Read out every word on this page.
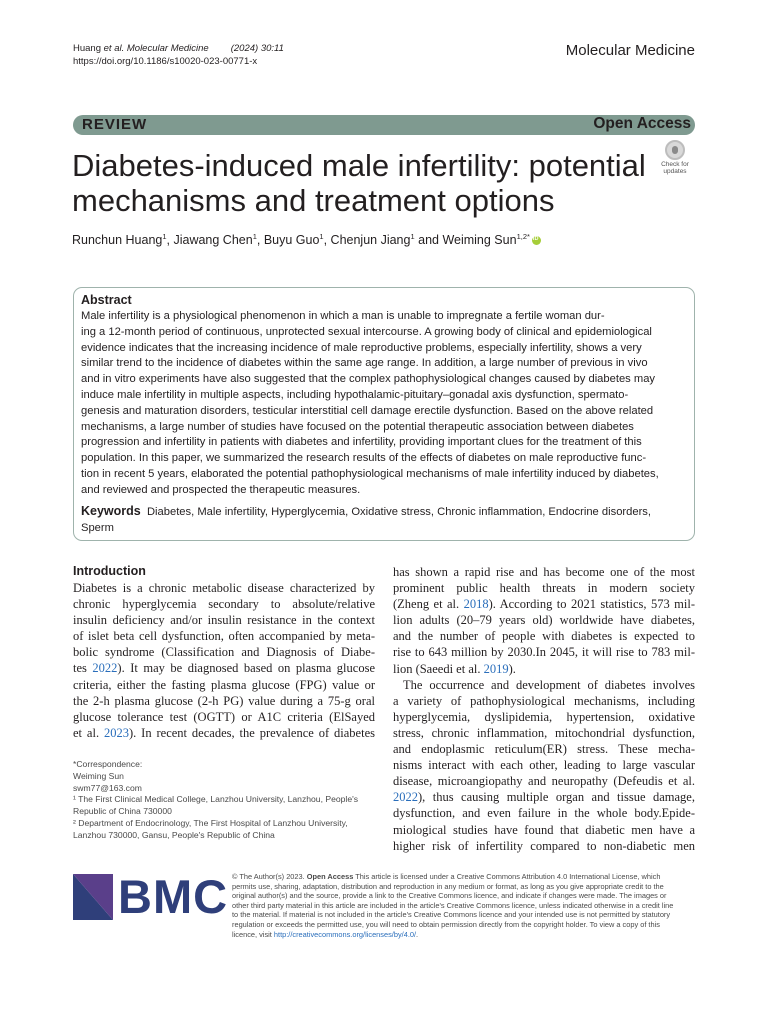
Huang et al. Molecular Medicine (2024) 30:11
https://doi.org/10.1186/s10020-023-00771-x
Molecular Medicine
REVIEW	Open Access
Diabetes-induced male infertility: potential
mechanisms and treatment options
Check for
updates
Runchun Huang$^1$, Jiawang Chen$^1$, Buyu Guo$^1$, Chenjun Jiang$^1$ and Weiming Sun$^{1,2*}$iD
Abstract
Male infertility is a physiological phenomenon in which a man is unable to impregnate a fertile woman dur-
ing a 12-month period of continuous, unprotected sexual intercourse. A growing body of clinical and epidemiological
evidence indicates that the increasing incidence of male reproductive problems, especially infertility, shows a very
similar trend to the incidence of diabetes within the same age range. In addition, a large number of previous in vivo
and in vitro experiments have also suggested that the complex pathophysiological changes caused by diabetes may
induce male infertility in multiple aspects, including hypothalamic-pituitary–gonadal axis dysfunction, spermato-
genesis and maturation disorders, testicular interstitial cell damage erectile dysfunction. Based on the above related
mechanisms, a large number of studies have focused on the potential therapeutic association between diabetes
progression and infertility in patients with diabetes and infertility, providing important clues for the treatment of this
population. In this paper, we summarized the research results of the effects of diabetes on male reproductive func-
tion in recent 5 years, elaborated the potential pathophysiological mechanisms of male infertility induced by diabetes,
and reviewed and prospected the therapeutic measures.
Keywords Diabetes, Male infertility, Hyperglycemia, Oxidative stress, Chronic inflammation, Endocrine disorders,
Sperm
Introduction
Diabetes is a chronic metabolic disease characterized by
chronic hyperglycemia secondary to absolute/relative
insulin deficiency and/or insulin resistance in the context
of islet beta cell dysfunction, often accompanied by meta-
bolic syndrome (Classification and Diagnosis of Diabe-
tes 2022). It may be diagnosed based on plasma glucose
criteria, either the fasting plasma glucose (FPG) value or
the 2-h plasma glucose (2-h PG) value during a 75-g oral
glucose tolerance test (OGTT) or A1C criteria (ElSayed
et al. 2023). In recent decades, the prevalence of diabetes
has shown a rapid rise and has become one of the most
prominent public health threats in modern society
(Zheng et al. 2018). According to 2021 statistics, 573 mil-
lion adults (20–79 years old) worldwide have diabetes,
and the number of people with diabetes is expected to
rise to 643 million by 2030.In 2045, it will rise to 783 mil-
lion (Saeedi et al. 2019).
The occurrence and development of diabetes involves
a variety of pathophysiological mechanisms, including
hyperglycemia, dyslipidemia, hypertension, oxidative
stress, chronic inflammation, mitochondrial dysfunction,
and endoplasmic reticulum(ER) stress. These mecha-
nisms interact with each other, leading to large vascular
disease, microangiopathy and neuropathy (Defeudis et al.
2022), thus causing multiple organ and tissue damage,
dysfunction, and even failure in the whole body.Epide-
miological studies have found that diabetic men have a
higher risk of infertility compared to non-diabetic men
*Correspondence:
Weiming Sun
swm77@163.com
¹ The First Clinical Medical College, Lanzhou University, Lanzhou, People's
Republic of China 730000
² Department of Endocrinology, The First Hospital of Lanzhou University,
Lanzhou 730000, Gansu, People's Republic of China
BMC © The Author(s) 2023. Open Access This article is licensed under a Creative Commons Attribution 4.0 International License, which
permits use, sharing, adaptation, distribution and reproduction in any medium or format, as long as you give appropriate credit to the
original author(s) and the source, provide a link to the Creative Commons licence, and indicate if changes were made. The images or
other third party material in this article are included in the article's Creative Commons licence, unless indicated otherwise in a credit line
to the material. If material is not included in the article's Creative Commons licence and your intended use is not permitted by statutory
regulation or exceeds the permitted use, you will need to obtain permission directly from the copyright holder. To view a copy of this
licence, visit http://creativecommons.org/licenses/by/4.0/.
